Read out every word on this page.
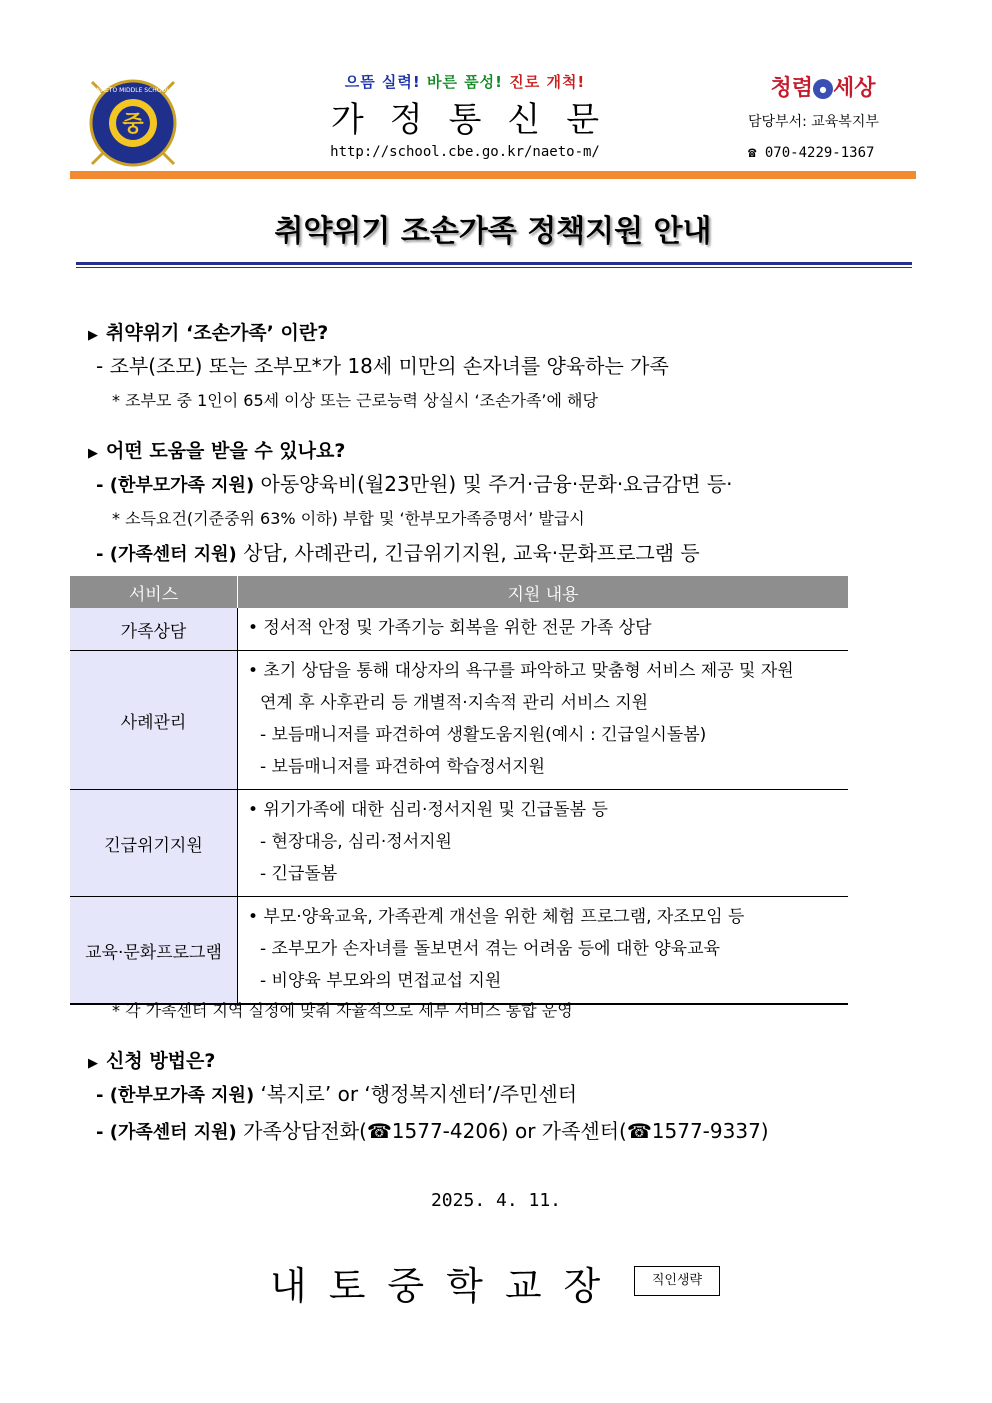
중
NAETO MIDDLE SCHOOL	으뜸 실력! 바른 품성! 진로 개척!
가정통신문
http://school.cbe.go.kr/naeto-m/
청렴 ● 세상
담당부서: 교육복지부
☎ 070-4229-1367
취약위기 조손가족 정책지원 안내
▶ 취약위기 ‘조손가족’ 이란?
- 조부(조모) 또는 조부모*가 18세 미만의 손자녀를 양육하는 가족
* 조부모 중 1인이 65세 이상 또는 근로능력 상실시 ‘조손가족’에 해당
▶ 어떤 도움을 받을 수 있나요?
- (한부모가족 지원) 아동양육비(월23만원) 및 주거·금융·문화·요금감면 등·
* 소득요건(기준중위 63% 이하) 부합 및 ‘한부모가족증명서’ 발급시
- (가족센터 지원) 상담, 사례관리, 긴급위기지원, 교육·문화프로그램 등
서비스	지원 내용
가족상담	• 정서적 안정 및 가족기능 회복을 위한 전문 가족 상담

사례관리	• 초기 상담을 통해 대상자의 욕구를 파악하고 맞춤형 서비스 제공 및 자원
연계 후 사후관리 등 개별적·지속적 관리 서비스 지원
- 보듬매니저를 파견하여 생활도움지원(예시 : 긴급일시돌봄)
- 보듬매니저를 파견하여 학습정서지원

긴급위기지원	• 위기가족에 대한 심리·정서지원 및 긴급돌봄 등
- 현장대응, 심리·정서지원
- 긴급돌봄

교육·문화프로그램	• 부모·양육교육, 가족관계 개선을 위한 체험 프로그램, 자조모임 등
- 조부모가 손자녀를 돌보면서 겪는 어려움 등에 대한 양육교육
- 비양육 부모와의 면접교섭 지원
* 각 가족센터 지역 실정에 맞춰 자율적으로 세부 서비스 통합 운영
▶ 신청 방법은?
- (한부모가족 지원) ‘복지로’ or ‘행정복지센터’/주민센터
- (가족센터 지원) 가족상담전화(☎1577-4206) or 가족센터(☎1577-9337)
2025. 4. 11.
내토중학교장	직인생략
